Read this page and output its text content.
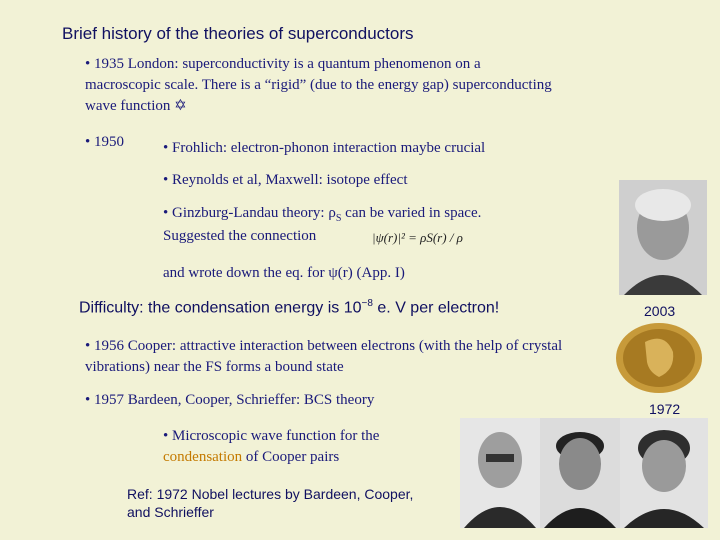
Brief history of the theories of superconductors
• 1935 London: superconductivity is a quantum phenomenon on a macroscopic scale. There is a “rigid” (due to the energy gap) superconducting wave function ✡
• 1950	• Frohlich: electron-phonon interaction maybe crucial
• Reynolds et al, Maxwell: isotope effect
• Ginzburg-Landau theory: $\rho_S$ can be varied in space.
Suggested the connection	|ψ(r)|² = ρS(r) / ρ
and wrote down the eq. for ψ(r) (App. I)
Difficulty: the condensation energy is $10^{-8}$ e. V per electron!
• 1956 Cooper: attractive interaction between electrons (with the help of crystal vibrations) near the FS forms a bound state
• 1957 Bardeen, Cooper, Schrieffer: BCS theory
• Microscopic wave function for the condensation of Cooper pairs
Ref: 1972 Nobel lectures by Bardeen, Cooper, and Schrieffer
2003
1972
